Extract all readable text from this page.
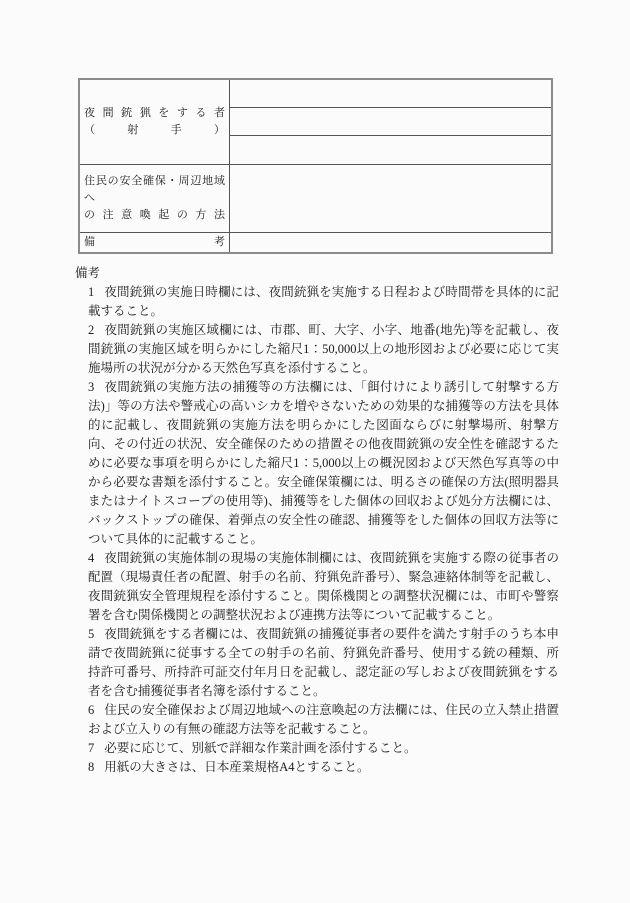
夜間銃猟をする者
（射手）
住民の安全確保・周辺地域へ
の注意喚起の方法
備考
備考
1 夜間銃猟の実施日時欄には、夜間銃猟を実施する日程および時間帯を具体的に記載すること。
2 夜間銃猟の実施区域欄には、市郡、町、大字、小字、地番(地先)等を記載し、夜間銃猟の実施区域を明らかにした縮尺1：50,000以上の地形図および必要に応じて実施場所の状況が分かる天然色写真を添付すること。
3 夜間銃猟の実施方法の捕獲等の方法欄には、「餌付けにより誘引して射撃する方法)」等の方法や警戒心の高いシカを増やさないための効果的な捕獲等の方法を具体的に記載し、夜間銃猟の実施方法を明らかにした図面ならびに射撃場所、射撃方向、その付近の状況、安全確保のための措置その他夜間銃猟の安全性を確認するために必要な事項を明らかにした縮尺1：5,000以上の概況図および天然色写真等の中から必要な書類を添付すること。安全確保策欄には、明るさの確保の方法(照明器具またはナイトスコープの使用等)、捕獲等をした個体の回収および処分方法欄には、バックストップの確保、着弾点の安全性の確認、捕獲等をした個体の回収方法等について具体的に記載すること。
4 夜間銃猟の実施体制の現場の実施体制欄には、夜間銃猟を実施する際の従事者の配置（現場責任者の配置、射手の名前、狩猟免許番号）、緊急連絡体制等を記載し、夜間銃猟安全管理規程を添付すること。関係機関との調整状況欄には、市町や警察署を含む関係機関との調整状況および連携方法等について記載すること。
5 夜間銃猟をする者欄には、夜間銃猟の捕獲従事者の要件を満たす射手のうち本申請で夜間銃猟に従事する全ての射手の名前、狩猟免許番号、使用する銃の種類、所持許可番号、所持許可証交付年月日を記載し、認定証の写しおよび夜間銃猟をする者を含む捕獲従事者名簿を添付すること。
6 住民の安全確保および周辺地域への注意喚起の方法欄には、住民の立入禁止措置および立入りの有無の確認方法等を記載すること。
7 必要に応じて、別紙で詳細な作業計画を添付すること。
8 用紙の大きさは、日本産業規格A4とすること。
